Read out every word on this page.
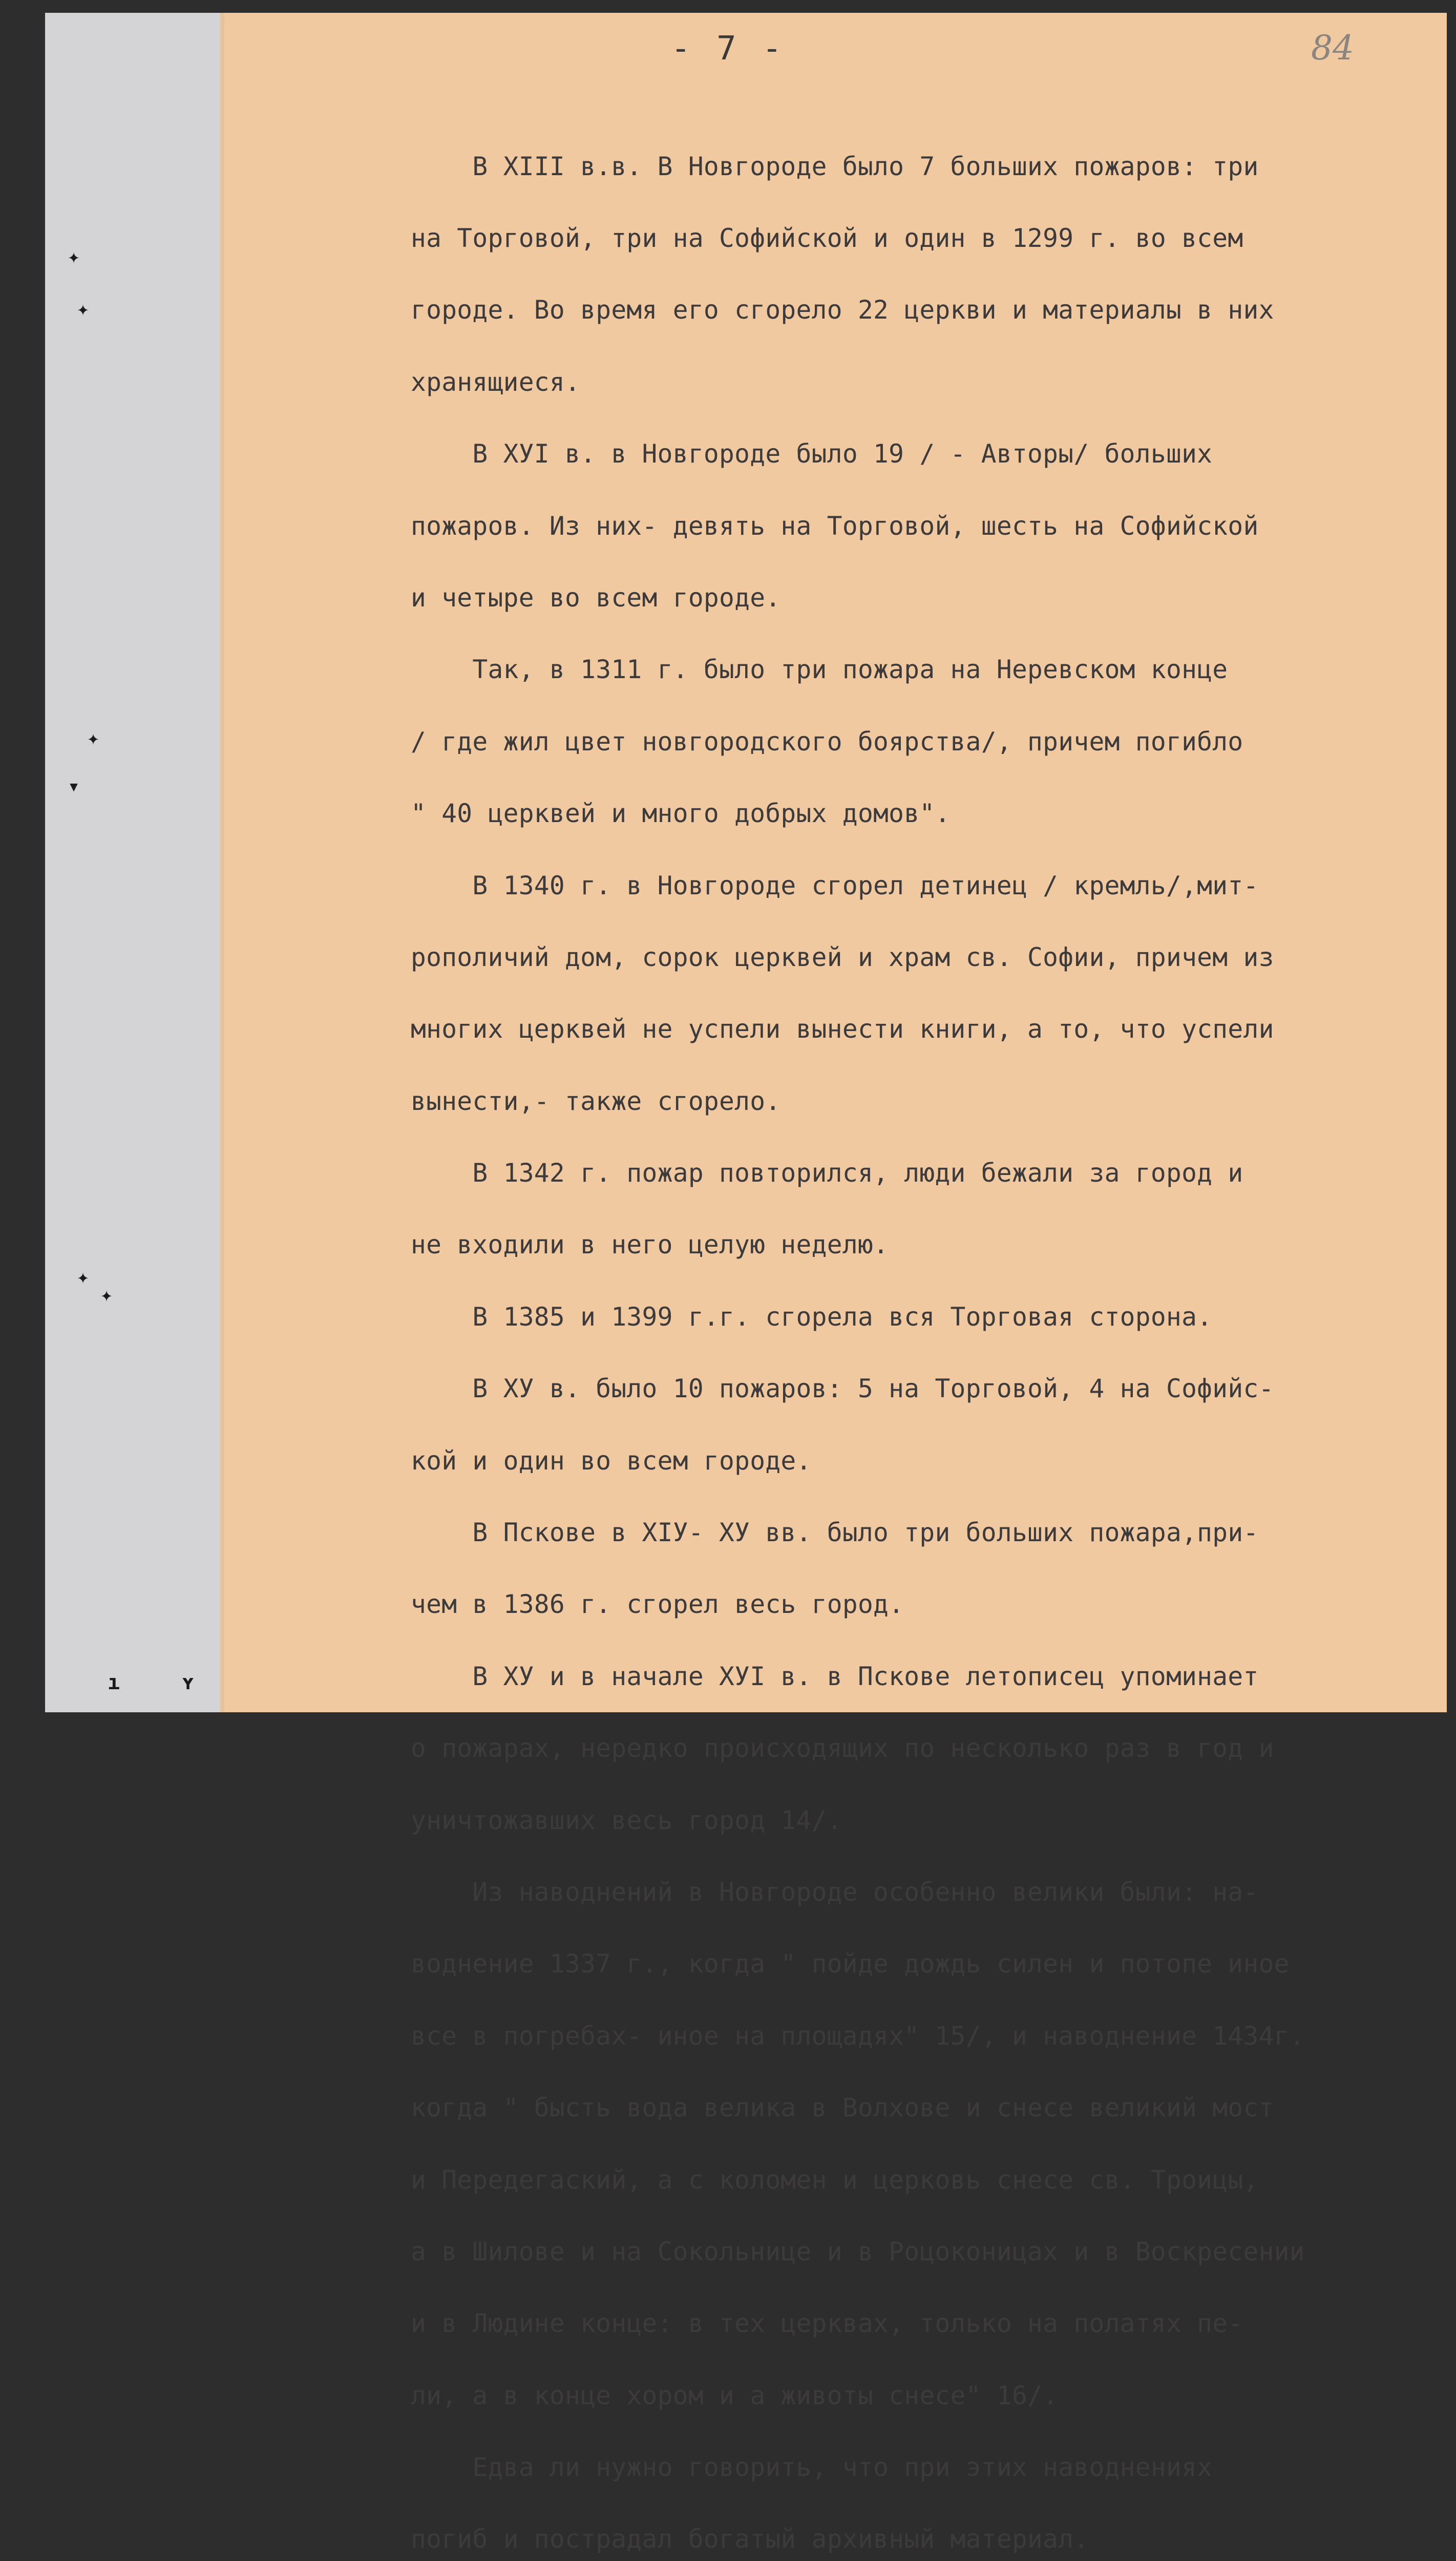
- 7 -	84
✦
✦
✦
▾
✦
✦
ı	ʏ

В XIII в.в. В Новгороде было 7 больших пожаров: три

на Торговой, три на Софийской и один в 1299 г. во всем

городе. Во время его сгорело 22 церкви и материалы в них

хранящиеся.

В XУI в. в Новгороде было 19 / - Авторы/ больших

пожаров. Из них- девять на Торговой, шесть на Софийской

и четыре во всем городе.

Так, в 1311 г. было три пожара на Неревском конце

/ где жил цвет новгородского боярства/, причем погибло

" 40 церквей и много добрых домов".

В 1340 г. в Новгороде сгорел детинец / кремль/,мит-

рополичий дом, сорок церквей и храм св. Софии, причем из

многих церквей не успели вынести книги, а то, что успели

вынести,- также сгорело.

В 1342 г. пожар повторился, люди бежали за город и

не входили в него целую неделю.

В 1385 и 1399 г.г. сгорела вся Торговая сторона.

В XУ в. было 10 пожаров: 5 на Торговой, 4 на Софийс-

кой и один во всем городе.

В Пскове в XIУ- XУ вв. было три больших пожара,при-

чем в 1386 г. сгорел весь город.

В XУ и в начале XУI в. в Пскове летописец упоминает

о пожарах, нередко происходящих по несколько раз в год и

уничтожавших весь город 14/.

Из наводнений в Новгороде особенно велики были: на-

воднение 1337 г., когда " пойде дождь силен и потопе иное

все в погребах- иное на площадях" 15/, и наводнение 1434г.

когда " бысть вода велика в Волхове и снесе великий мост

и Передегаский, а с коломен и церковь снесе св. Троицы,

а в Шилове и на Сокольнице и в Роцоконицах и в Воскресении

и в Людине конце: в тех церквах, только на полатях пе-

ли, а в конце хором и а животы снесе" 16/.

Едва ли нужно говорить, что при этих наводнениях

погиб и пострадал богатый архивный материал.
